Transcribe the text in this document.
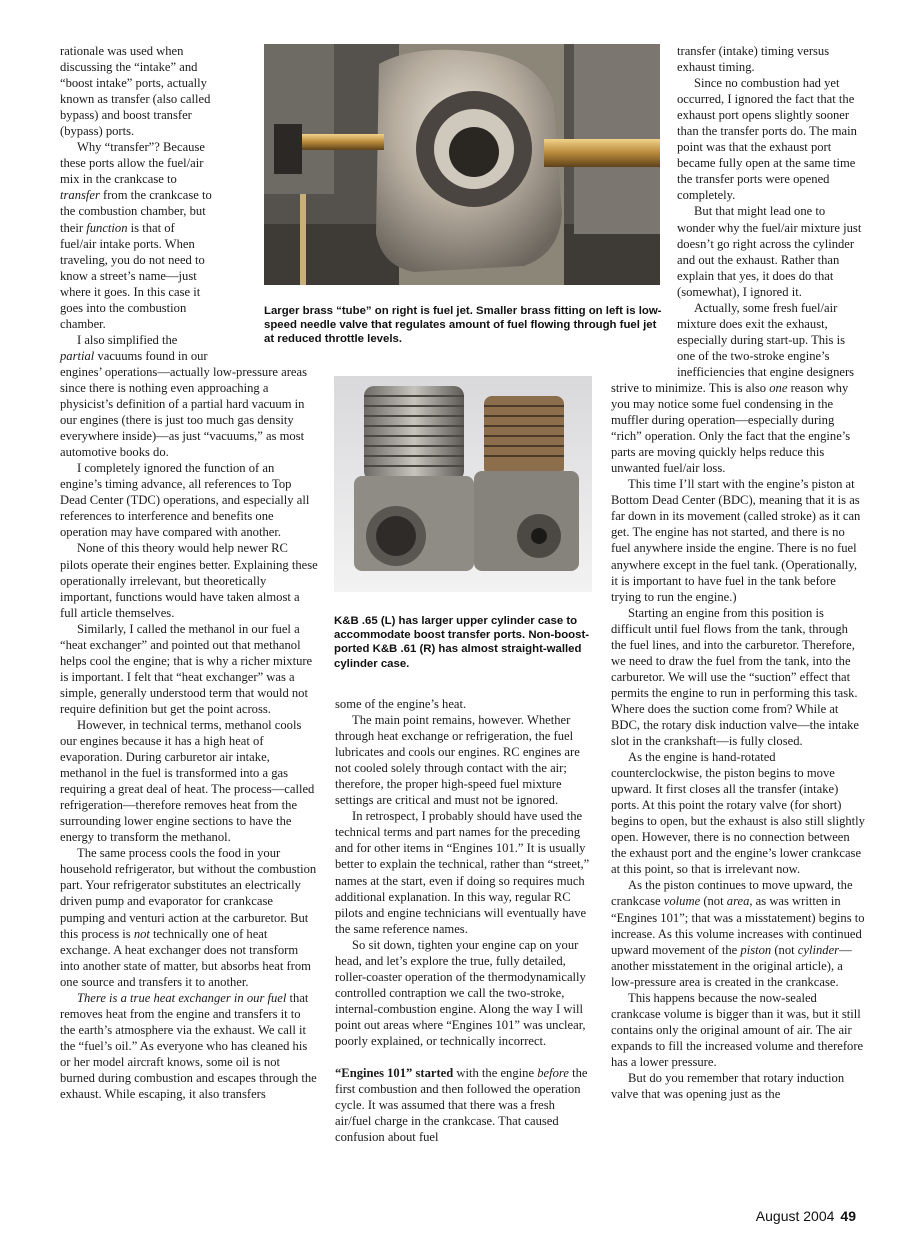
Larger brass “tube” on right is fuel jet. Smaller brass fitting on left is low-speed needle valve that regulates amount of fuel flowing through fuel jet at reduced throttle levels.
K&B .65 (L) has larger upper cylinder case to accommodate boost transfer ports. Non-boost-ported K&B .61 (R) has almost straight-walled cylinder case.

rationale was used when discussing the “intake” and “boost intake” ports, actually known as transfer (also called bypass) and boost transfer (bypass) ports.

Why “transfer”? Because these ports allow the fuel/air mix in the crankcase to transfer from the crankcase to the combustion chamber, but their function is that of fuel/air intake ports. When traveling, you do not need to know a street’s name—just where it goes. In this case it goes into the combustion chamber.

I also simplified the partial vacuums found in our engines’ operations—actually low-pressure areas since there is nothing even approaching a physicist’s definition of a partial hard vacuum in our engines (there is just too much gas density everywhere inside)—as just “vacuums,” as most automotive books do.

I completely ignored the function of an engine’s timing advance, all references to Top Dead Center (TDC) operations, and especially all references to interference and benefits one operation may have compared with another.

None of this theory would help newer RC pilots operate their engines better. Explaining these operationally irrelevant, but theoretically important, functions would have taken almost a full article themselves.

Similarly, I called the methanol in our fuel a “heat exchanger” and pointed out that methanol helps cool the engine; that is why a richer mixture is important. I felt that “heat exchanger” was a simple, generally understood term that would not require definition but get the point across.

However, in technical terms, methanol cools our engines because it has a high heat of evaporation. During carburetor air intake, methanol in the fuel is transformed into a gas requiring a great deal of heat. The process—called refrigeration—therefore removes heat from the surrounding lower engine sections to have the energy to transform the methanol.

The same process cools the food in your household refrigerator, but without the combustion part. Your refrigerator substitutes an electrically driven pump and evaporator for crankcase pumping and venturi action at the carburetor. But this process is not technically one of heat exchange. A heat exchanger does not transform into another state of matter, but absorbs heat from one source and transfers it to another.

There is a true heat exchanger in our fuel that removes heat from the engine and transfers it to the earth’s atmosphere via the exhaust. We call it the “fuel’s oil.” As everyone who has cleaned his or her model aircraft knows, some oil is not burned during combustion and escapes through the exhaust. While escaping, it also transfers

some of the engine’s heat.

The main point remains, however. Whether through heat exchange or refrigeration, the fuel lubricates and cools our engines. RC engines are not cooled solely through contact with the air; therefore, the proper high-speed fuel mixture settings are critical and must not be ignored.

In retrospect, I probably should have used the technical terms and part names for the preceding and for other items in “Engines 101.” It is usually better to explain the technical, rather than “street,” names at the start, even if doing so requires much additional explanation. In this way, regular RC pilots and engine technicians will eventually have the same reference names.

So sit down, tighten your engine cap on your head, and let’s explore the true, fully detailed, roller-coaster operation of the thermodynamically controlled contraption we call the two-stroke, internal-combustion engine. Along the way I will point out areas where “Engines 101” was unclear, poorly explained, or technically incorrect.

“Engines 101” started with the engine before the first combustion and then followed the operation cycle. It was assumed that there was a fresh air/fuel charge in the crankcase. That caused confusion about fuel

transfer (intake) timing versus exhaust timing.

Since no combustion had yet occurred, I ignored the fact that the exhaust port opens slightly sooner than the transfer ports do. The main point was that the exhaust port became fully open at the same time the transfer ports were opened completely.

But that might lead one to wonder why the fuel/air mixture just doesn’t go right across the cylinder and out the exhaust. Rather than explain that yes, it does do that (somewhat), I ignored it.

Actually, some fresh fuel/air mixture does exit the exhaust, especially during start-up. This is one of the two-stroke engine’s inefficiencies that engine designers strive to minimize. This is also one reason why you may notice some fuel condensing in the muffler during operation—especially during “rich” operation. Only the fact that the engine’s parts are moving quickly helps reduce this unwanted fuel/air loss.

This time I’ll start with the engine’s piston at Bottom Dead Center (BDC), meaning that it is as far down in its movement (called stroke) as it can get. The engine has not started, and there is no fuel anywhere inside the engine. There is no fuel anywhere except in the fuel tank. (Operationally, it is important to have fuel in the tank before trying to run the engine.)

Starting an engine from this position is difficult until fuel flows from the tank, through the fuel lines, and into the carburetor. Therefore, we need to draw the fuel from the tank, into the carburetor. We will use the “suction” effect that permits the engine to run in performing this task. Where does the suction come from? While at BDC, the rotary disk induction valve—the intake slot in the crankshaft—is fully closed.

As the engine is hand-rotated counterclockwise, the piston begins to move upward. It first closes all the transfer (intake) ports. At this point the rotary valve (for short) begins to open, but the exhaust is also still slightly open. However, there is no connection between the exhaust port and the engine’s lower crankcase at this point, so that is irrelevant now.

As the piston continues to move upward, the crankcase volume (not area, as was written in “Engines 101”; that was a misstatement) begins to increase. As this volume increases with continued upward movement of the piston (not cylinder—another misstatement in the original article), a low-pressure area is created in the crankcase.

This happens because the now-sealed crankcase volume is bigger than it was, but it still contains only the original amount of air. The air expands to fill the increased volume and therefore has a lower pressure.

But do you remember that rotary induction valve that was opening just as the

August 2004 49
